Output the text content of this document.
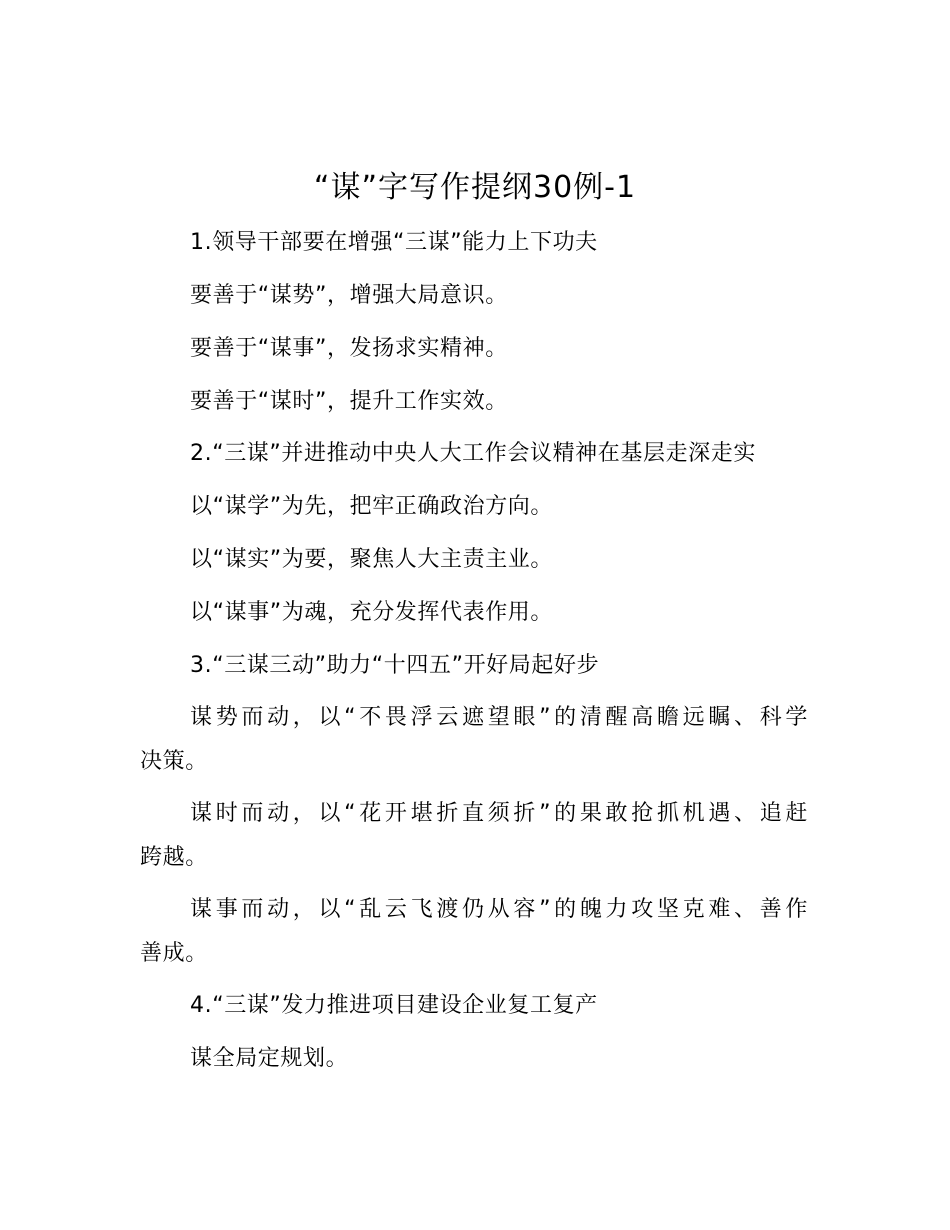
“谋”字写作提纲30例-1
1.领导干部要在增强“三谋”能力上下功夫
要善于“谋势”，增强大局意识。
要善于“谋事”，发扬求实精神。
要善于“谋时”，提升工作实效。
2.“三谋”并进推动中央人大工作会议精神在基层走深走实
以“谋学”为先，把牢正确政治方向。
以“谋实”为要，聚焦人大主责主业。
以“谋事”为魂，充分发挥代表作用。
3.“三谋三动”助力“十四五”开好局起好步
谋势而动，以“不畏浮云遮望眼”的清醒高瞻远瞩、科学
决策。
谋时而动，以“花开堪折直须折”的果敢抢抓机遇、追赶
跨越。
谋事而动，以“乱云飞渡仍从容”的魄力攻坚克难、善作
善成。
4.“三谋”发力推进项目建设企业复工复产
谋全局定规划。
